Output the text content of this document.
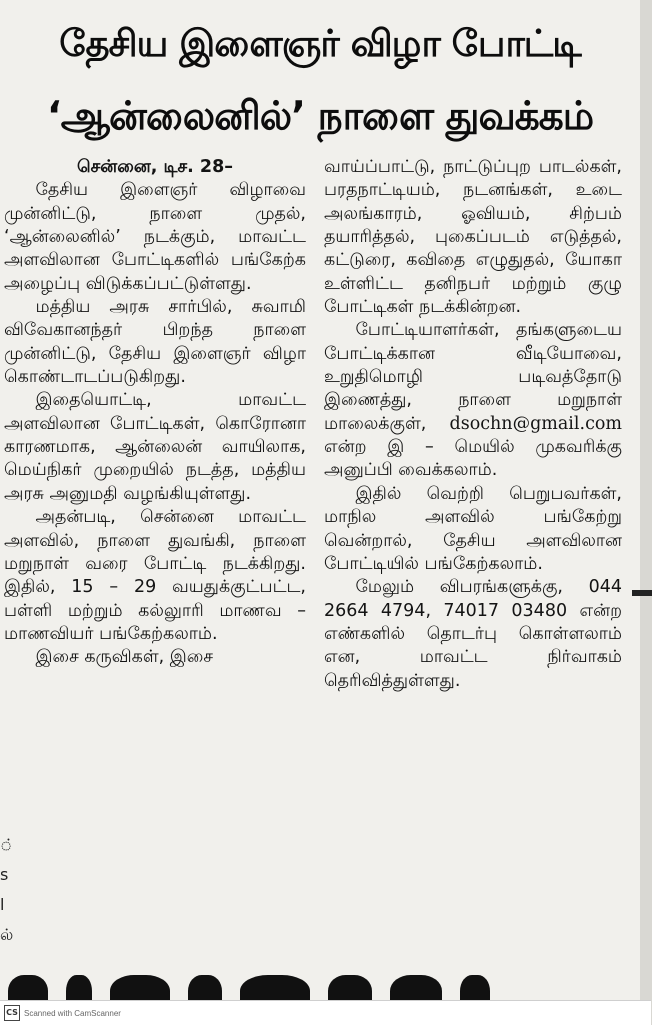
தேசிய இளைஞர் விழா போட்டி
‘ஆன்லைனில்’ நாளை துவக்கம்
சென்னை, டிச. 28–

தேசிய இளைஞர் விழாவை முன்னிட்டு, நாளை முதல், ‘ஆன்லைனில்’ நடக்கும், மாவட்ட அளவிலான போட்டிகளில் பங்கேற்க அழைப்பு விடுக்கப்பட்டுள்ளது.

மத்திய அரசு சார்பில், சுவாமி விவேகானந்தர் பிறந்த நாளை முன்னிட்டு, தேசிய இளைஞர் விழா கொண்டாடப்படுகிறது.

இதையொட்டி, மாவட்ட அளவிலான போட்டிகள், கொரோனா காரணமாக, ஆன்லைன் வாயிலாக, மெய்நிகர் முறையில் நடத்த, மத்திய அரசு அனுமதி வழங்கியுள்ளது.

அதன்படி, சென்னை மாவட்ட அளவில், நாளை துவங்கி, நாளை மறுநாள் வரை போட்டி நடக்கிறது. இதில், 15 – 29 வயதுக்குட்பட்ட, பள்ளி மற்றும் கல்லுாரி மாணவ – மாணவியர் பங்கேற்கலாம்.

இசை கருவிகள், இசை

வாய்ப்பாட்டு, நாட்டுப்புற பாடல்கள், பரதநாட்டியம், நடனங்கள், உடை அலங்காரம், ஓவியம், சிற்பம் தயாரித்தல், புகைப்படம் எடுத்தல், கட்டுரை, கவிதை எழுதுதல், யோகா உள்ளிட்ட தனிநபர் மற்றும் குழு போட்டிகள் நடக்கின்றன.

போட்டியாளர்கள், தங்களுடைய போட்டிக்கான வீடியோவை, உறுதிமொழி படிவத்தோடு இணைத்து, நாளை மறுநாள் மாலைக்குள், dsochn@gmail.com என்ற இ – மெயில் முகவரிக்கு அனுப்பி வைக்கலாம்.

இதில் வெற்றி பெறுபவர்கள், மாநில அளவில் பங்கேற்று வென்றால், தேசிய அளவிலான போட்டியில் பங்கேற்கலாம்.

மேலும் விபரங்களுக்கு, 044 2664 4794, 74017 03480 என்ற எண்களில் தொடர்பு கொள்ளலாம் என, மாவட்ட நிர்வாகம் தெரிவித்துள்ளது.

்
s
l
ல்
CS Scanned with CamScanner
